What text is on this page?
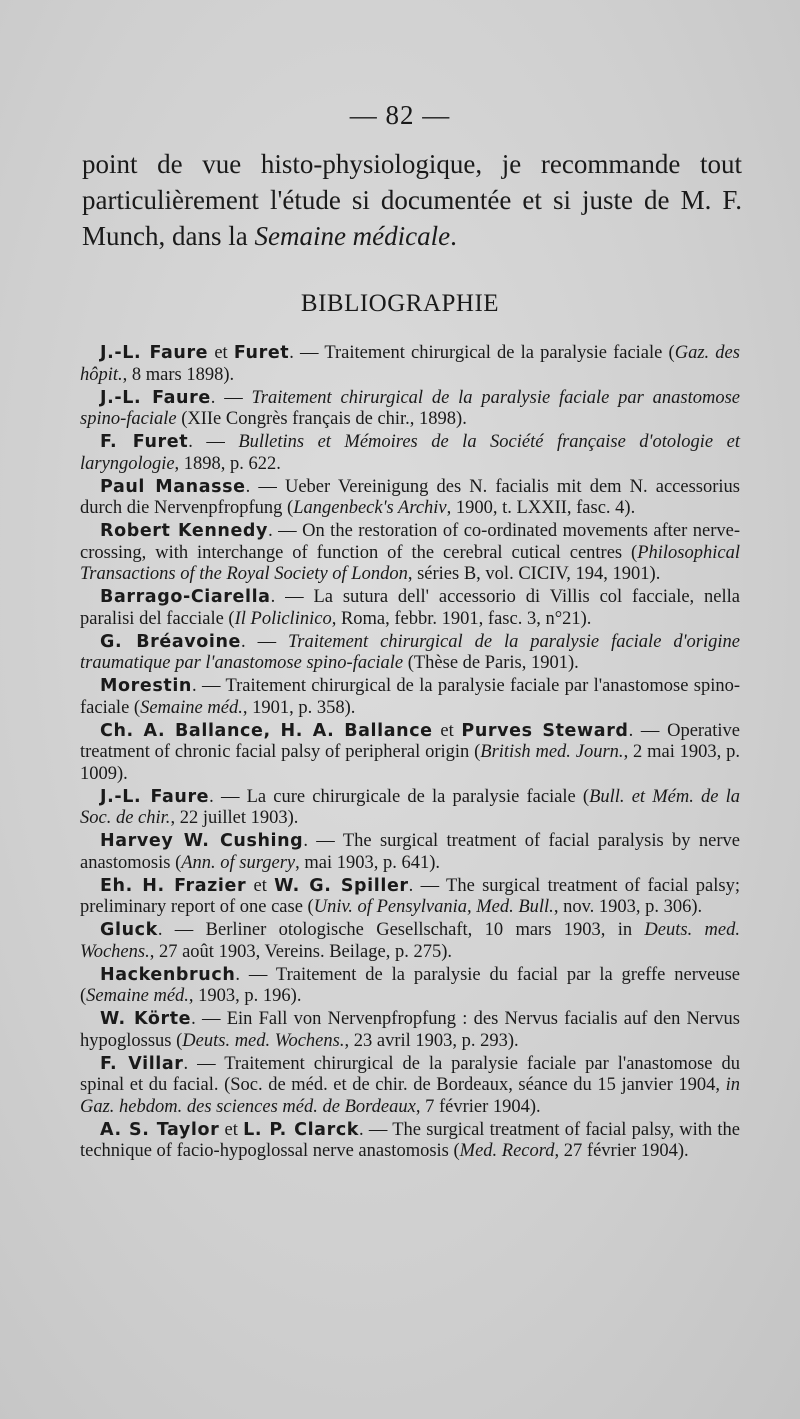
— 82 —
point de vue histo-physiologique, je recommande tout particulièrement l'étude si documentée et si juste de M. F. Munch, dans la Semaine médicale.
BIBLIOGRAPHIE

J.-L. Faure et Furet. — Traitement chirurgical de la paralysie faciale (Gaz. des hôpit., 8 mars 1898).

J.-L. Faure. — Traitement chirurgical de la paralysie faciale par anastomose spino-faciale (XIIe Congrès français de chir., 1898).

F. Furet. — Bulletins et Mémoires de la Société française d'otologie et laryngologie, 1898, p. 622.

Paul Manasse. — Ueber Vereinigung des N. facialis mit dem N. accessorius durch die Nervenpfropfung (Langenbeck's Archiv, 1900, t. LXXII, fasc. 4).

Robert Kennedy. — On the restoration of co-ordinated movements after nerve-crossing, with interchange of function of the cerebral cutical centres (Philosophical Transactions of the Royal Society of London, séries B, vol. CICIV, 194, 1901).

Barrago-Ciarella. — La sutura dell' accessorio di Villis col facciale, nella paralisi del facciale (Il Policlinico, Roma, febbr. 1901, fasc. 3, n°21).

G. Bréavoine. — Traitement chirurgical de la paralysie faciale d'origine traumatique par l'anastomose spino-faciale (Thèse de Paris, 1901).

Morestin. — Traitement chirurgical de la paralysie faciale par l'anastomose spino-faciale (Semaine méd., 1901, p. 358).

Ch. A. Ballance, H. A. Ballance et Purves Steward. — Operative treatment of chronic facial palsy of peripheral origin (British med. Journ., 2 mai 1903, p. 1009).

J.-L. Faure. — La cure chirurgicale de la paralysie faciale (Bull. et Mém. de la Soc. de chir., 22 juillet 1903).

Harvey W. Cushing. — The surgical treatment of facial paralysis by nerve anastomosis (Ann. of surgery, mai 1903, p. 641).

Eh. H. Frazier et W. G. Spiller. — The surgical treatment of facial palsy; preliminary report of one case (Univ. of Pensylvania, Med. Bull., nov. 1903, p. 306).

Gluck. — Berliner otologische Gesellschaft, 10 mars 1903, in Deuts. med. Wochens., 27 août 1903, Vereins. Beilage, p. 275).

Hackenbruch. — Traitement de la paralysie du facial par la greffe nerveuse (Semaine méd., 1903, p. 196).

W. Körte. — Ein Fall von Nervenpfropfung : des Nervus facialis auf den Nervus hypoglossus (Deuts. med. Wochens., 23 avril 1903, p. 293).

F. Villar. — Traitement chirurgical de la paralysie faciale par l'anastomose du spinal et du facial. (Soc. de méd. et de chir. de Bordeaux, séance du 15 janvier 1904, in Gaz. hebdom. des sciences méd. de Bordeaux, 7 février 1904).

A. S. Taylor et L. P. Clarck. — The surgical treatment of facial palsy, with the technique of facio-hypoglossal nerve anastomosis (Med. Record, 27 février 1904).
